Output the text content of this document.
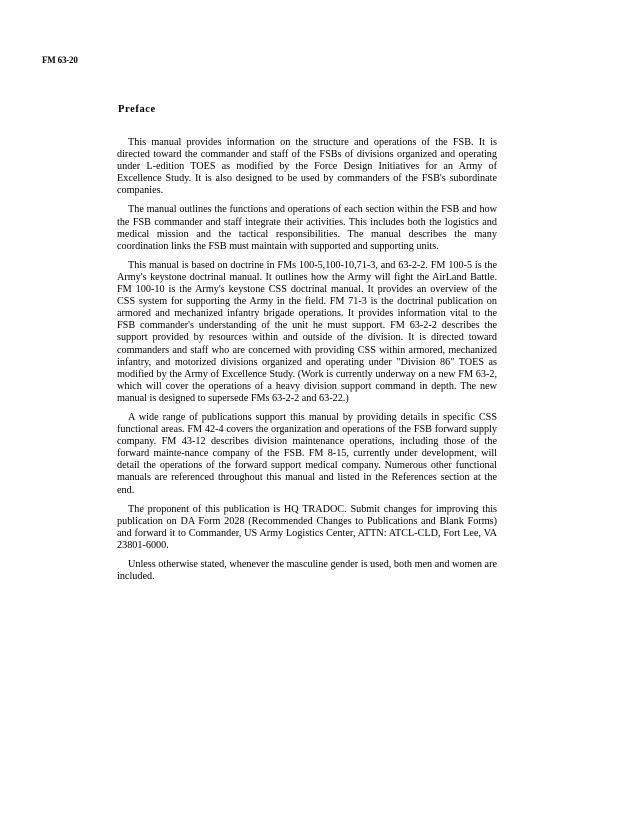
FM 63-20
Preface

This manual provides information on the structure and operations of the FSB. It is directed toward the commander and staff of the FSBs of divisions organized and operating under L-edition TOES as modified by the Force Design Initiatives for an Army of Excellence Study. It is also designed to be used by commanders of the FSB's subordinate companies.

The manual outlines the functions and operations of each section within the FSB and how the FSB commander and staff integrate their activities. This includes both the logistics and medical mission and the tactical responsibilities. The manual describes the many coordination links the FSB must maintain with supported and supporting units.

This manual is based on doctrine in FMs 100-5,100-10,71-3, and 63-2-2. FM 100-5 is the Army's keystone doctrinal manual. It outlines how the Army will fight the AirLand Battle. FM 100-10 is the Army's keystone CSS doctrinal manual. It provides an overview of the CSS system for supporting the Army in the field. FM 71-3 is the doctrinal publication on armored and mechanized infantry brigade operations. It provides information vital to the FSB commander's understanding of the unit he must support. FM 63-2-2 describes the support provided by resources within and outside of the division. It is directed toward commanders and staff who are concerned with providing CSS within armored, mechanized infantry, and motorized divisions organized and operating under "Division 86" TOES as modified by the Army of Excellence Study. (Work is currently underway on a new FM 63-2, which will cover the operations of a heavy division support command in depth. The new manual is designed to supersede FMs 63-2-2 and 63-22.)

A wide range of publications support this manual by providing details in specific CSS functional areas. FM 42-4 covers the organization and operations of the FSB forward supply company. FM 43-12 describes division maintenance operations, including those of the forward mainte-nance company of the FSB. FM 8-15, currently under development, will detail the operations of the forward support medical company. Numerous other functional manuals are referenced throughout this manual and listed in the References section at the end.

The proponent of this publication is HQ TRADOC. Submit changes for improving this publication on DA Form 2028 (Recommended Changes to Publications and Blank Forms) and forward it to Commander, US Army Logistics Center, ATTN: ATCL-CLD, Fort Lee, VA 23801-6000.

Unless otherwise stated, whenever the masculine gender is used, both men and women are included.
